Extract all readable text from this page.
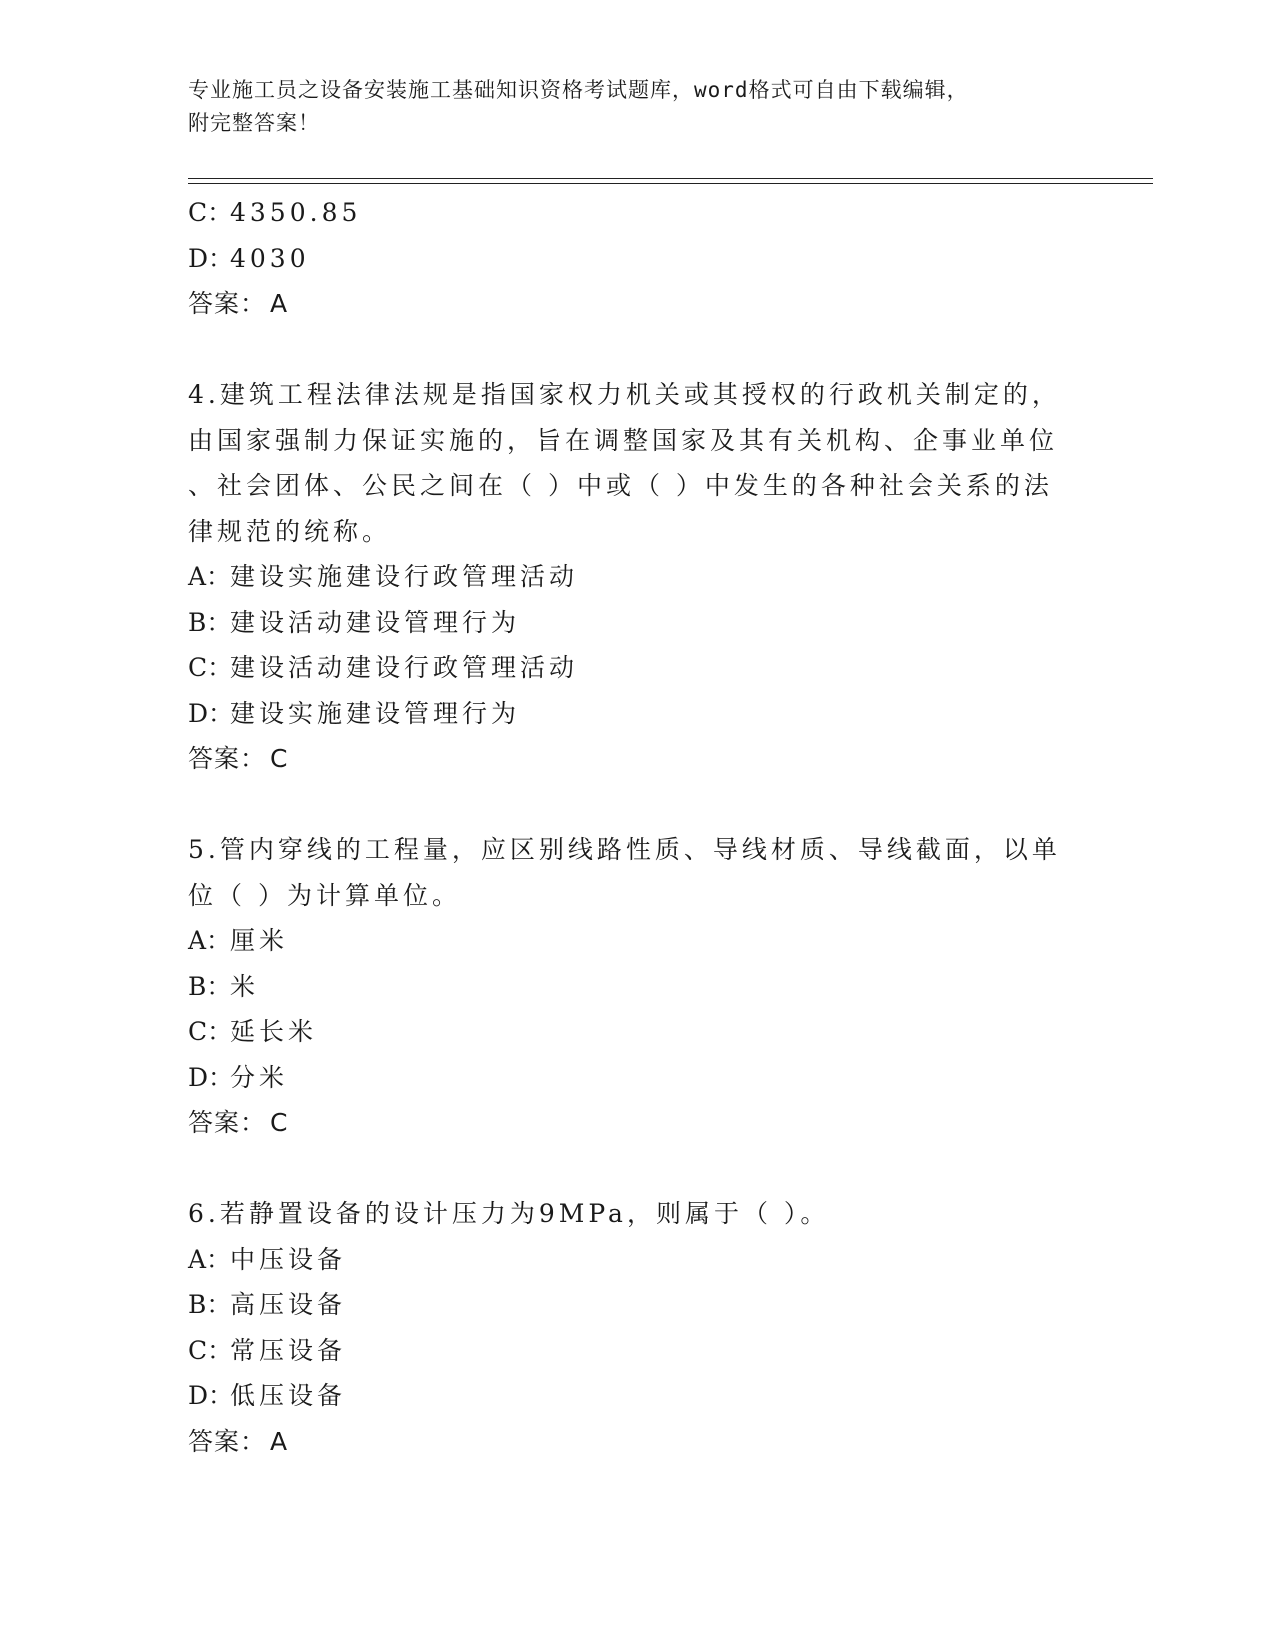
专业施工员之设备安装施工基础知识资格考试题库，word格式可自由下载编辑，
附完整答案！
C：4350.85
D：4030
答案： A
4.建筑工程法律法规是指国家权力机关或其授权的行政机关制定的，
由国家强制力保证实施的，旨在调整国家及其有关机构、企事业单位
、社会团体、公民之间在（ ）中或（ ）中发生的各种社会关系的法
律规范的统称。
A：建设实施建设行政管理活动
B：建设活动建设管理行为
C：建设活动建设行政管理活动
D：建设实施建设管理行为
答案： C
5.管内穿线的工程量，应区别线路性质、导线材质、导线截面，以单
位（ ）为计算单位。
A：厘米
B：米
C：延长米
D：分米
答案： C
6.若静置设备的设计压力为9MPa，则属于（ ）。
A：中压设备
B：高压设备
C：常压设备
D：低压设备
答案： A
